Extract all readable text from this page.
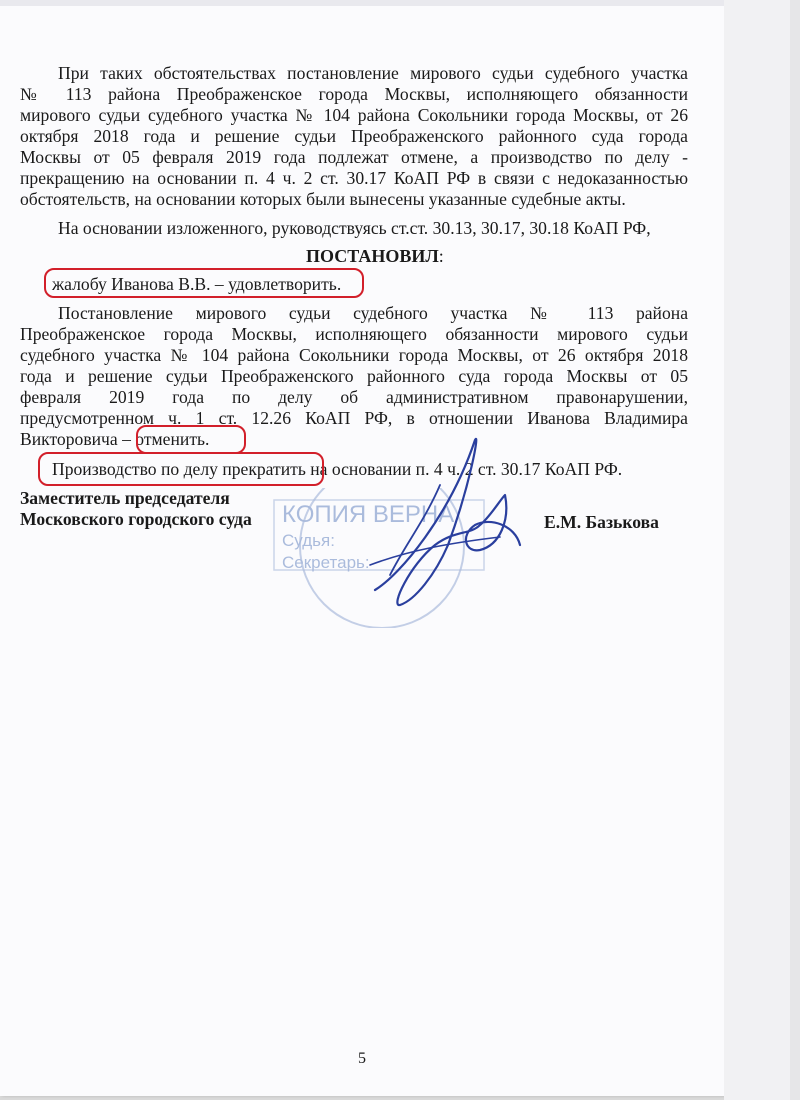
При таких обстоятельствах постановление мирового судьи судебного участка
№ 113 района Преображенское города Москвы, исполняющего обязанности
мирового судьи судебного участка № 104 района Сокольники города Москвы, от 26
октября 2018 года и решение судьи Преображенского районного суда города
Москвы от 05 февраля 2019 года подлежат отмене, а производство по делу -
прекращению на основании п. 4 ч. 2 ст. 30.17 КоАП РФ в связи с недоказанностью
обстоятельств, на основании которых были вынесены указанные судебные акты.
На основании изложенного, руководствуясь ст.ст. 30.13, 30.17, 30.18 КоАП РФ,
ПОСТАНОВИЛ:
жалобу Иванова В.В. – удовлетворить.
Постановление мирового судьи судебного участка № 113 района
Преображенское города Москвы, исполняющего обязанности мирового судьи
судебного участка № 104 района Сокольники города Москвы, от 26 октября 2018
года и решение судьи Преображенского районного суда города Москвы от 05
февраля 2019 года по делу об административном правонарушении,
предусмотренном ч. 1 ст. 12.26 КоАП РФ, в отношении Иванова Владимира
Викторовича – отменить.
Производство по делу прекратить на основании п. 4 ч. 2 ст. 30.17 КоАП РФ.
КОПИЯ ВЕРНА
Судья:
Секретарь:
Заместитель председателя
Московского городского суда	Е.М. Базькова
5
